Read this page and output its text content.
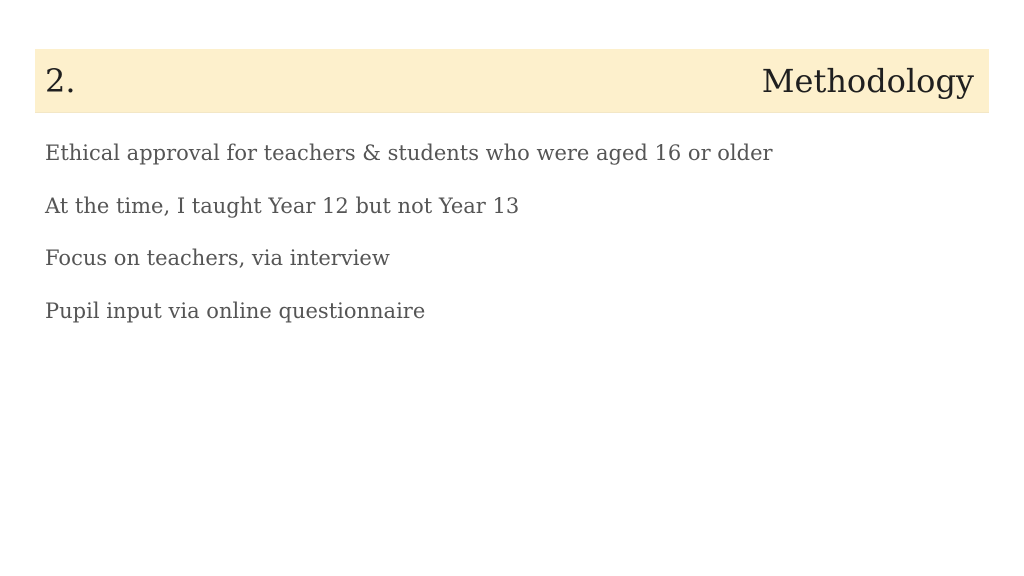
2.	Methodology
Ethical approval for teachers & students who were aged 16 or older
At the time, I taught Year 12 but not Year 13
Focus on teachers, via interview
Pupil input via online questionnaire
